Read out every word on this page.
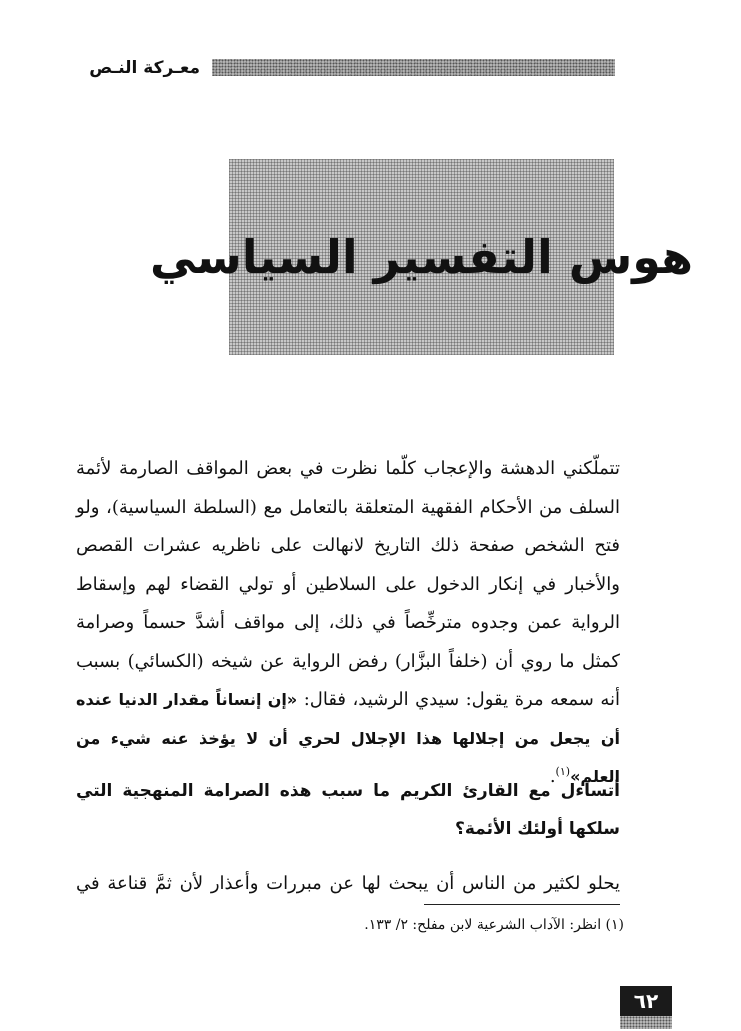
معـركة النـص
هوس التفسير السياسي

تتملّكني الدهشة والإعجاب كلّما نظرت في بعض المواقف الصارمة لأئمة السلف من الأحكام الفقهية المتعلقة بالتعامل مع (السلطة السياسية)، ولو فتح الشخص صفحة ذلك التاريخ لانهالت على ناظريه عشرات القصص والأخبار في إنكار الدخول على السلاطين أو تولي القضاء لهم وإسقاط الرواية عمن وجدوه مترخِّصاً في ذلك، إلى مواقف أشدَّ حسماً وصرامة كمثل ما روي أن (خلفاً البزَّار) رفض الرواية عن شيخه (الكسائي) بسبب أنه سمعه مرة يقول: سيدي الرشيد، فقال: «إن إنساناً مقدار الدنيا عنده أن يجعل من إجلالها هذا الإجلال لحري أن لا يؤخذ عنه شيء من العلم»$^{(١)}$.

أتساءل مع القارئ الكريم ما سبب هذه الصرامة المنهجية التي سلكها أولئك الأئمة؟

يحلو لكثير من الناس أن يبحث لها عن مبررات وأعذار لأن ثمَّ قناعة في

(١) انظر: الآداب الشرعية لابن مفلح: ٢/ ١٣٣.

٦٢
